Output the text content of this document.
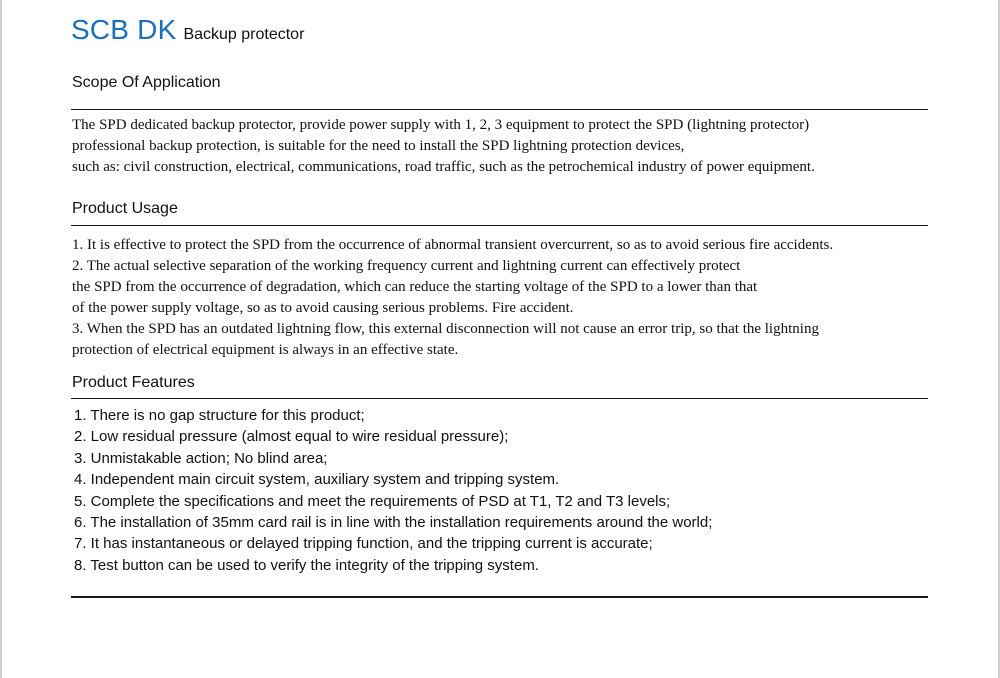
SCB DK Backup protector
Scope Of Application
The SPD dedicated backup protector, provide power supply with 1, 2, 3 equipment to protect the SPD (lightning protector)
professional backup protection, is suitable for the need to install the SPD lightning protection devices,
such as: civil construction, electrical, communications, road traffic, such as the petrochemical industry of power equipment.
Product Usage
1. It is effective to protect the SPD from the occurrence of abnormal transient overcurrent, so as to avoid serious fire accidents.
2. The actual selective separation of the working frequency current and lightning current can effectively protect
the SPD from the occurrence of degradation, which can reduce the starting voltage of the SPD to a lower than that
of the power supply voltage, so as to avoid causing serious problems. Fire accident.
3. When the SPD has an outdated lightning flow, this external disconnection will not cause an error trip, so that the lightning
protection of electrical equipment is always in an effective state.
Product Features
1. There is no gap structure for this product;
2. Low residual pressure (almost equal to wire residual pressure);
3. Unmistakable action; No blind area;
4. Independent main circuit system, auxiliary system and tripping system.
5. Complete the specifications and meet the requirements of PSD at T1, T2 and T3 levels;
6. The installation of 35mm card rail is in line with the installation requirements around the world;
7. It has instantaneous or delayed tripping function, and the tripping current is accurate;
8. Test button can be used to verify the integrity of the tripping system.
